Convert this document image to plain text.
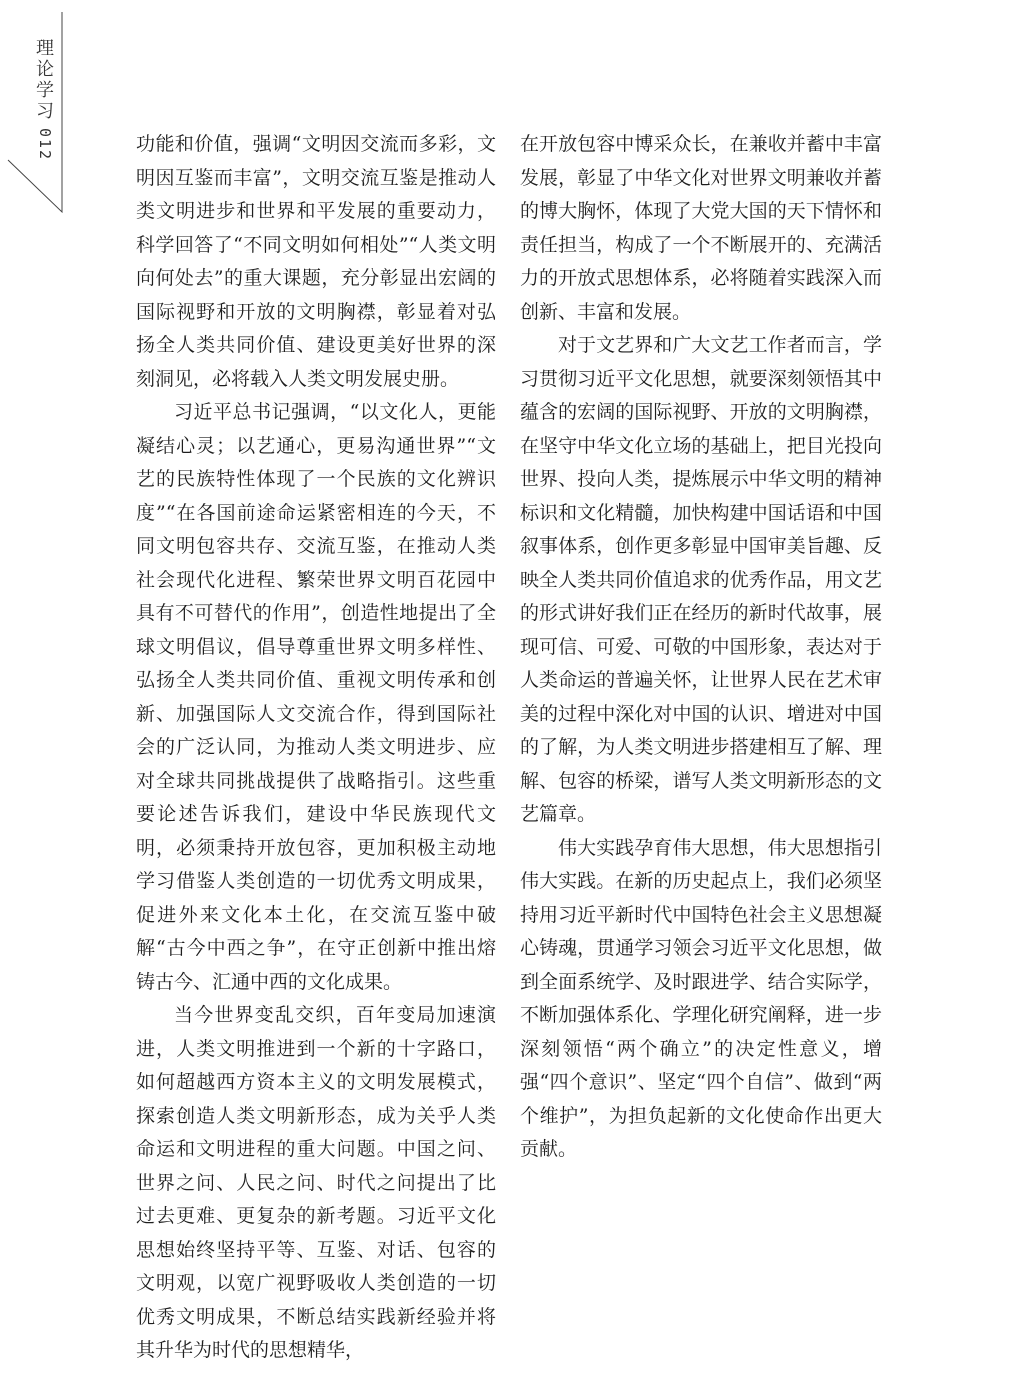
理论学习
012	功能和价值，强调“文明因交流而多彩，文明因互鉴而丰富”，文明交流互鉴是推动人类文明进步和世界和平发展的重要动力，科学回答了“不同文明如何相处”“人类文明向何处去”的重大课题，充分彰显出宏阔的国际视野和开放的文明胸襟，彰显着对弘扬全人类共同价值、建设更美好世界的深刻洞见，必将载入人类文明发展史册。

习近平总书记强调，“以文化人，更能凝结心灵；以艺通心，更易沟通世界”“文艺的民族特性体现了一个民族的文化辨识度”“在各国前途命运紧密相连的今天，不同文明包容共存、交流互鉴，在推动人类社会现代化进程、繁荣世界文明百花园中具有不可替代的作用”，创造性地提出了全球文明倡议，倡导尊重世界文明多样性、弘扬全人类共同价值、重视文明传承和创新、加强国际人文交流合作，得到国际社会的广泛认同，为推动人类文明进步、应对全球共同挑战提供了战略指引。这些重要论述告诉我们，建设中华民族现代文明，必须秉持开放包容，更加积极主动地学习借鉴人类创造的一切优秀文明成果，促进外来文化本土化，在交流互鉴中破解“古今中西之争”，在守正创新中推出熔铸古今、汇通中西的文化成果。

当今世界变乱交织，百年变局加速演进，人类文明推进到一个新的十字路口，如何超越西方资本主义的文明发展模式，探索创造人类文明新形态，成为关乎人类命运和文明进程的重大问题。中国之问、世界之问、人民之问、时代之问提出了比过去更难、更复杂的新考题。习近平文化思想始终坚持平等、互鉴、对话、包容的文明观，以宽广视野吸收人类创造的一切优秀文明成果，不断总结实践新经验并将其升华为时代的思想精华，

在开放包容中博采众长，在兼收并蓄中丰富发展，彰显了中华文化对世界文明兼收并蓄的博大胸怀，体现了大党大国的天下情怀和责任担当，构成了一个不断展开的、充满活力的开放式思想体系，必将随着实践深入而创新、丰富和发展。

对于文艺界和广大文艺工作者而言，学习贯彻习近平文化思想，就要深刻领悟其中蕴含的宏阔的国际视野、开放的文明胸襟，在坚守中华文化立场的基础上，把目光投向世界、投向人类，提炼展示中华文明的精神标识和文化精髓，加快构建中国话语和中国叙事体系，创作更多彰显中国审美旨趣、反映全人类共同价值追求的优秀作品，用文艺的形式讲好我们正在经历的新时代故事，展现可信、可爱、可敬的中国形象，表达对于人类命运的普遍关怀，让世界人民在艺术审美的过程中深化对中国的认识、增进对中国的了解，为人类文明进步搭建相互了解、理解、包容的桥梁，谱写人类文明新形态的文艺篇章。

伟大实践孕育伟大思想，伟大思想指引伟大实践。在新的历史起点上，我们必须坚持用习近平新时代中国特色社会主义思想凝心铸魂，贯通学习领会习近平文化思想，做到全面系统学、及时跟进学、结合实际学，不断加强体系化、学理化研究阐释，进一步深刻领悟“两个确立”的决定性意义，增强“四个意识”、坚定“四个自信”、做到“两个维护”，为担负起新的文化使命作出更大贡献。
